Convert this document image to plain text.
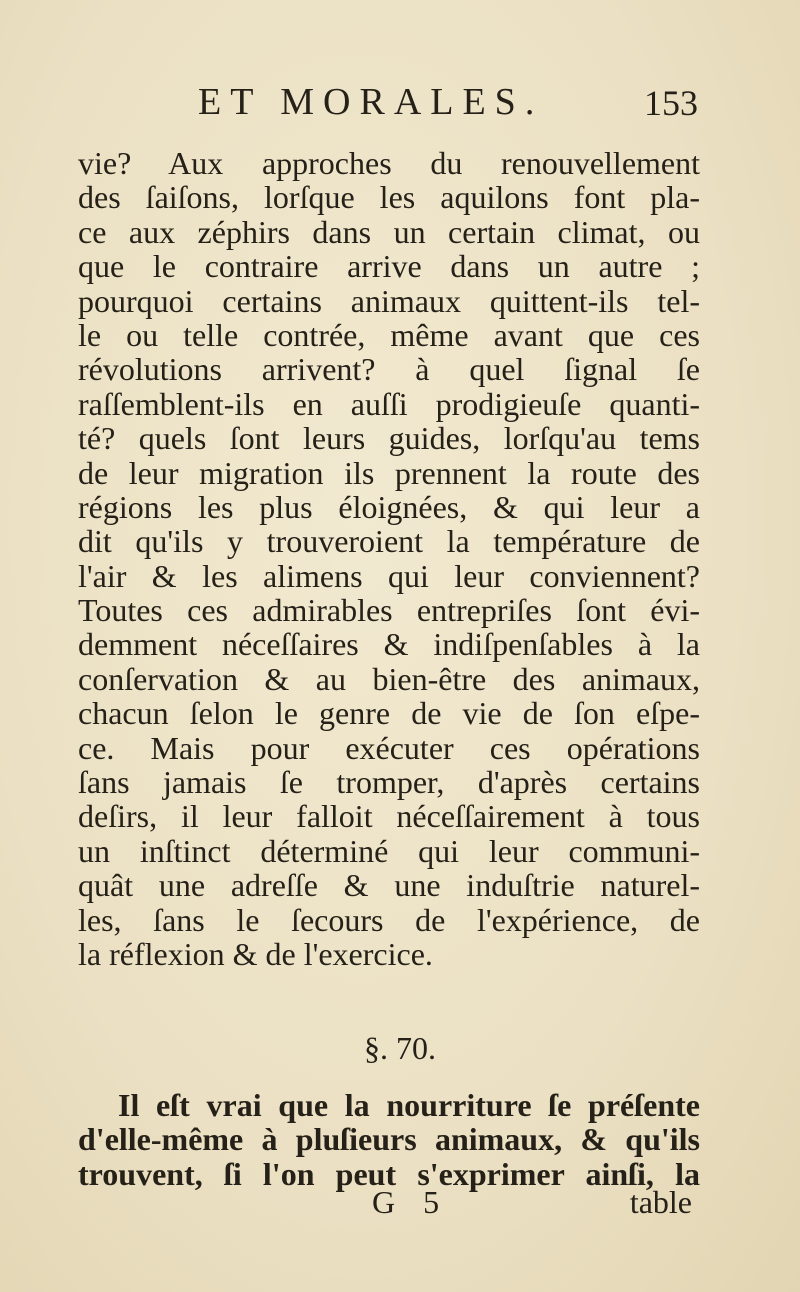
ET MORALES.	153
vie? Aux approches du renouvellement
des ſaiſons, lorſque les aquilons font pla-
ce aux zéphirs dans un certain climat, ou
que le contraire arrive dans un autre ;
pourquoi certains animaux quittent-ils tel-
le ou telle contrée, même avant que ces
révolutions arrivent? à quel ſignal ſe
raſſemblent-ils en auſſi prodigieuſe quanti-
té? quels ſont leurs guides, lorſqu'au tems
de leur migration ils prennent la route des
régions les plus éloignées, & qui leur a
dit qu'ils y trouveroient la température de
l'air & les alimens qui leur conviennent?
Toutes ces admirables entrepriſes ſont évi-
demment néceſſaires & indiſpenſables à la
conſervation & au bien-être des animaux,
chacun ſelon le genre de vie de ſon eſpe-
ce. Mais pour exécuter ces opérations
ſans jamais ſe tromper, d'après certains
deſirs, il leur falloit néceſſairement à tous
un inſtinct déterminé qui leur communi-
quât une adreſſe & une induſtrie naturel-
les, ſans le ſecours de l'expérience, de
la réflexion & de l'exercice.
§. 70.
Il eſt vrai que la nourriture ſe préſente
d'elle-même à pluſieurs animaux, & qu'ils
trouvent, ſi l'on peut s'exprimer ainſi, la
G 5	table
